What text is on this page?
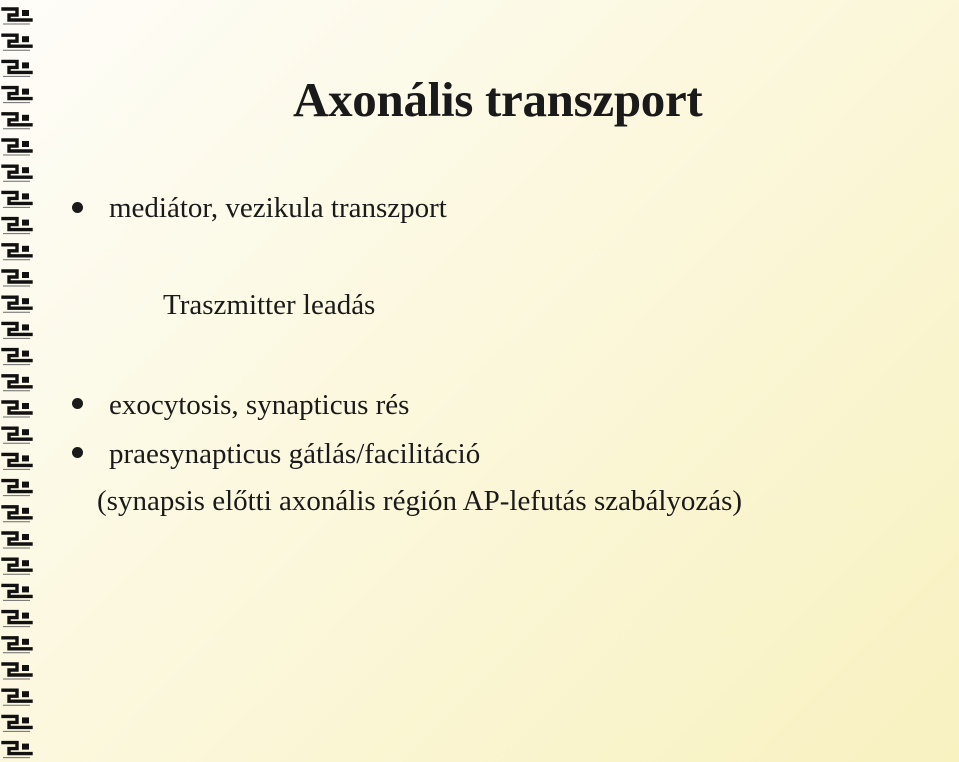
Axonális transzport
mediátor, vezikula transzport
Traszmitter leadás
exocytosis, synapticus rés
praesynapticus gátlás/facilitáció
(synapsis előtti axonális régión AP-lefutás szabályozás)
